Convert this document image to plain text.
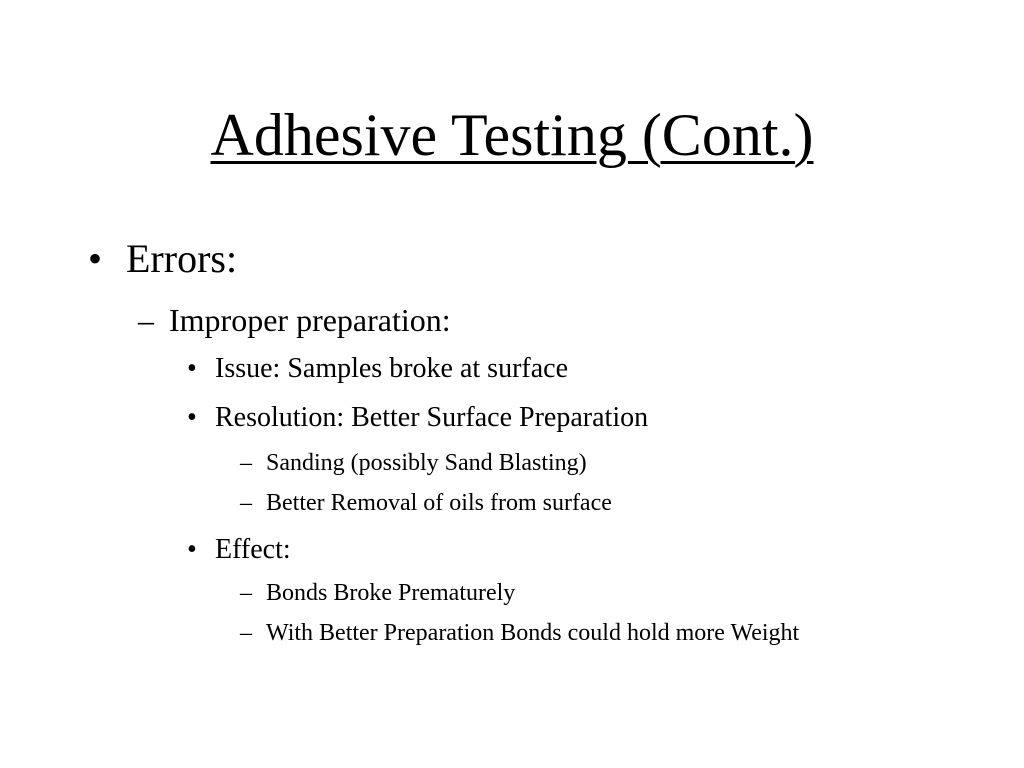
Adhesive Testing (Cont.)
• Errors:
– Improper preparation:
• Issue: Samples broke at surface
• Resolution: Better Surface Preparation
– Sanding (possibly Sand Blasting)
– Better Removal of oils from surface
• Effect:
– Bonds Broke Prematurely
– With Better Preparation Bonds could hold more Weight
